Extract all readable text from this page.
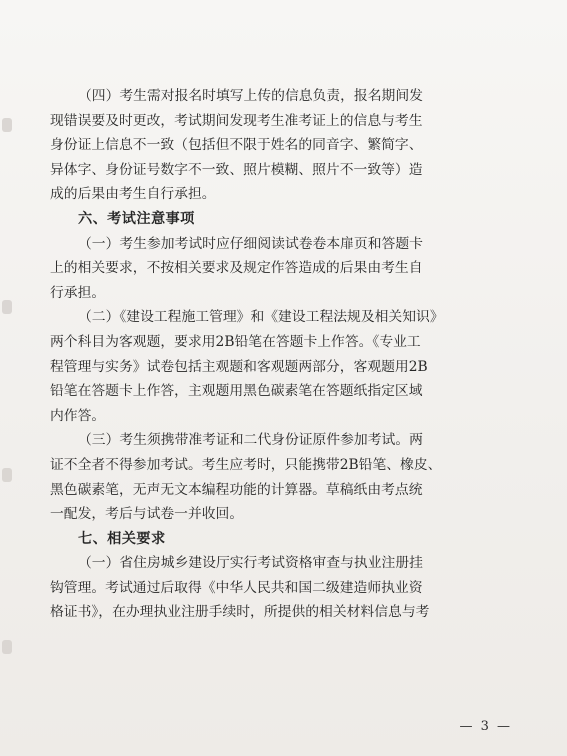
（四）考生需对报名时填写上传的信息负责，报名期间发
现错误要及时更改，考试期间发现考生准考证上的信息与考生
身份证上信息不一致（包括但不限于姓名的同音字、繁简字、
异体字、身份证号数字不一致、照片模糊、照片不一致等）造
成的后果由考生自行承担。
六、考试注意事项
（一）考生参加考试时应仔细阅读试卷卷本扉页和答题卡
上的相关要求，不按相关要求及规定作答造成的后果由考生自
行承担。
（二）《建设工程施工管理》和《建设工程法规及相关知识》
两个科目为客观题，要求用2B铅笔在答题卡上作答。《专业工
程管理与实务》试卷包括主观题和客观题两部分，客观题用2B
铅笔在答题卡上作答，主观题用黑色碳素笔在答题纸指定区域
内作答。
（三）考生须携带准考证和二代身份证原件参加考试。两
证不全者不得参加考试。考生应考时，只能携带2B铅笔、橡皮、
黑色碳素笔，无声无文本编程功能的计算器。草稿纸由考点统
一配发，考后与试卷一并收回。
七、相关要求
（一）省住房城乡建设厅实行考试资格审查与执业注册挂
钩管理。考试通过后取得《中华人民共和国二级建造师执业资
格证书》，在办理执业注册手续时，所提供的相关材料信息与考
— 3 —
